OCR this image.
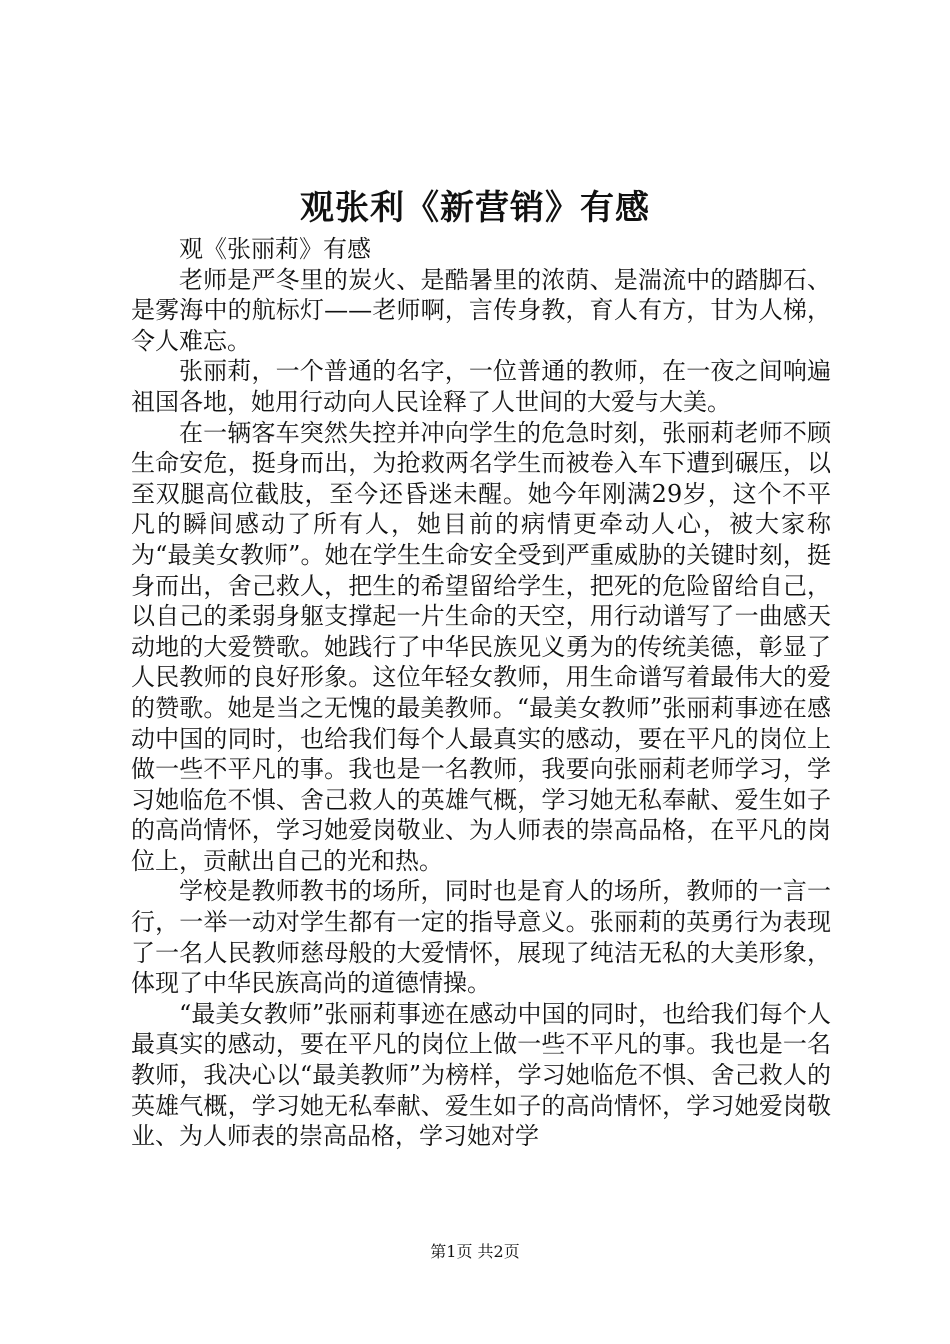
观张利《新营销》有感

观《张丽莉》有感

老师是严冬里的炭火、是酷暑里的浓荫、是湍流中的踏脚石、是雾海中的航标灯——老师啊，言传身教，育人有方，甘为人梯，令人难忘。

张丽莉，一个普通的名字，一位普通的教师，在一夜之间响遍祖国各地，她用行动向人民诠释了人世间的大爱与大美。

在一辆客车突然失控并冲向学生的危急时刻，张丽莉老师不顾生命安危，挺身而出，为抢救两名学生而被卷入车下遭到碾压，以至双腿高位截肢，至今还昏迷未醒。她今年刚满29岁，这个不平凡的瞬间感动了所有人，她目前的病情更牵动人心，被大家称为“最美女教师”。她在学生生命安全受到严重威胁的关键时刻，挺身而出，舍己救人，把生的希望留给学生，把死的危险留给自己，以自己的柔弱身躯支撑起一片生命的天空，用行动谱写了一曲感天动地的大爱赞歌。她践行了中华民族见义勇为的传统美德，彰显了人民教师的良好形象。这位年轻女教师，用生命谱写着最伟大的爱的赞歌。她是当之无愧的最美教师。“最美女教师”张丽莉事迹在感动中国的同时，也给我们每个人最真实的感动，要在平凡的岗位上做一些不平凡的事。我也是一名教师，我要向张丽莉老师学习，学习她临危不惧、舍己救人的英雄气概，学习她无私奉献、爱生如子的高尚情怀，学习她爱岗敬业、为人师表的崇高品格，在平凡的岗位上，贡献出自己的光和热。

学校是教师教书的场所，同时也是育人的场所，教师的一言一行，一举一动对学生都有一定的指导意义。张丽莉的英勇行为表现了一名人民教师慈母般的大爱情怀，展现了纯洁无私的大美形象，体现了中华民族高尚的道德情操。

“最美女教师”张丽莉事迹在感动中国的同时，也给我们每个人最真实的感动，要在平凡的岗位上做一些不平凡的事。我也是一名教师，我决心以“最美教师”为榜样，学习她临危不惧、舍己救人的英雄气概，学习她无私奉献、爱生如子的高尚情怀，学习她爱岗敬业、为人师表的崇高品格，学习她对学

第1页 共2页
